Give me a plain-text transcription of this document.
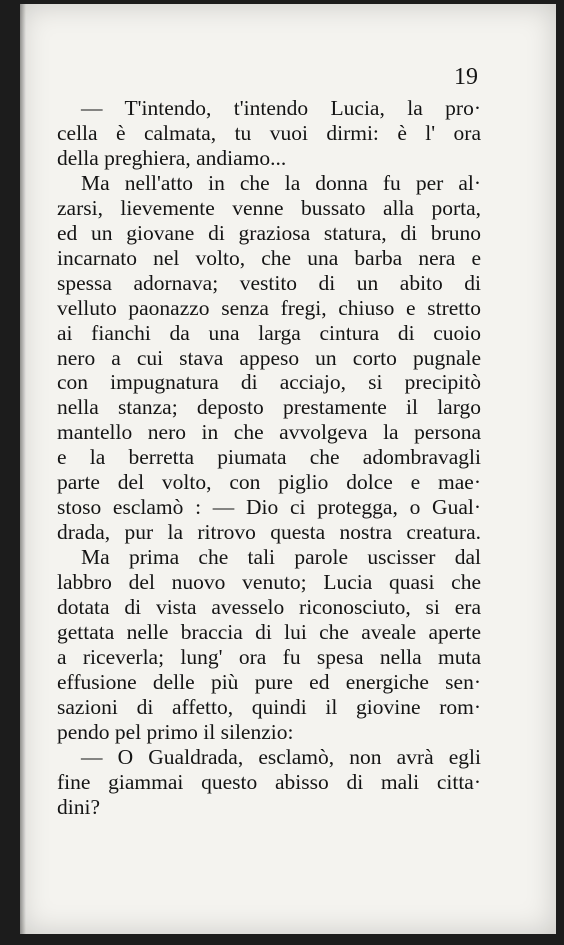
19
— T'intendo, t'intendo Lucia, la pro·
cella è calmata, tu vuoi dirmi: è l' ora
della preghiera, andiamo...
Ma nell'atto in che la donna fu per al·
zarsi, lievemente venne bussato alla porta,
ed un giovane di graziosa statura, di bruno
incarnato nel volto, che una barba nera e
spessa adornava; vestito di un abito di
velluto paonazzo senza fregi, chiuso e stretto
ai fianchi da una larga cintura di cuoio
nero a cui stava appeso un corto pugnale
con impugnatura di acciajo, si precipitò
nella stanza; deposto prestamente il largo
mantello nero in che avvolgeva la persona
e la berretta piumata che adombravagli
parte del volto, con piglio dolce e mae·
stoso esclamò : — Dio ci protegga, o Gual·
drada, pur la ritrovo questa nostra creatura.
Ma prima che tali parole uscisser dal
labbro del nuovo venuto; Lucia quasi che
dotata di vista avesselo riconosciuto, si era
gettata nelle braccia di lui che aveale aperte
a riceverla; lung' ora fu spesa nella muta
effusione delle più pure ed energiche sen·
sazioni di affetto, quindi il giovine rom·
pendo pel primo il silenzio:
— O Gualdrada, esclamò, non avrà egli
fine giammai questo abisso di mali citta·
dini?
